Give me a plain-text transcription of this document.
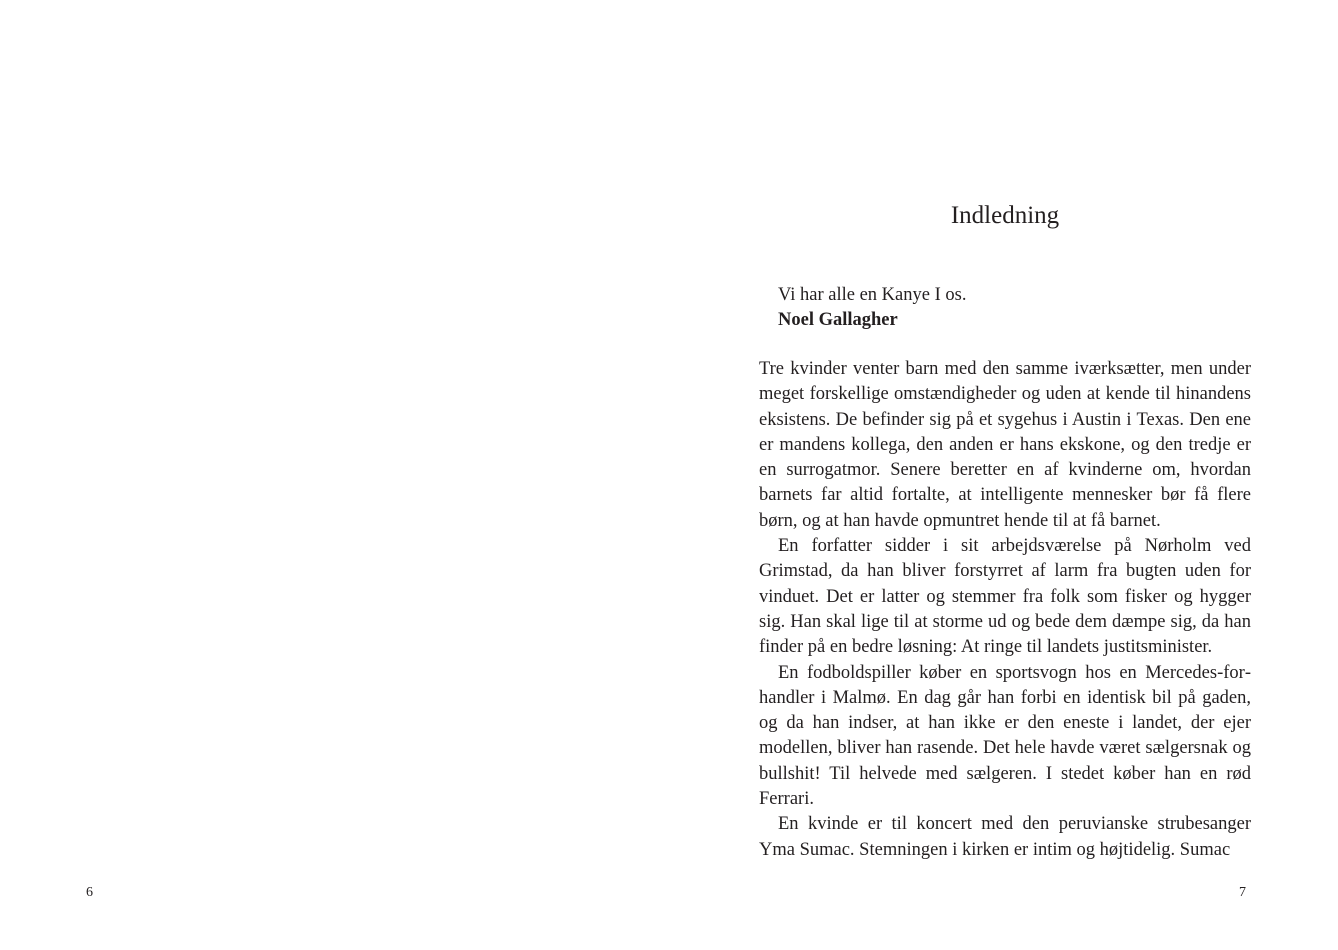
6
Indledning
Vi har alle en Kanye I os.
Noel Gallagher

Tre kvinder venter barn med den samme iværksætter, men under meget forskellige omstændigheder og uden at kende til hinandens eksistens. De befinder sig på et sygehus i Austin i Texas. Den ene er mandens kollega, den anden er hans ekskone, og den tredje er en surrogatmor. Senere beretter en af kvinderne om, hvordan barnets far altid fortalte, at intelligente mennesker bør få flere børn, og at han havde opmuntret hende til at få barnet.

En forfatter sidder i sit arbejdsværelse på Nørholm ved Grimstad, da han bliver forstyrret af larm fra bugten uden for vinduet. Det er latter og stemmer fra folk som fisker og hygger sig. Han skal lige til at storme ud og bede dem dæmpe sig, da han finder på en bedre løsning: At ringe til landets justitsminister.

En fodboldspiller køber en sportsvogn hos en Mercedes-forhandler i Malmø. En dag går han forbi en identisk bil på gaden, og da han indser, at han ikke er den eneste i landet, der ejer modellen, bliver han rasende. Det hele havde været sælgersnak og bullshit! Til helvede med sælgeren. I stedet køber han en rød Ferrari.

En kvinde er til koncert med den peruvianske strubesanger Yma Sumac. Stemningen i kirken er intim og højtidelig. Sumac

7
